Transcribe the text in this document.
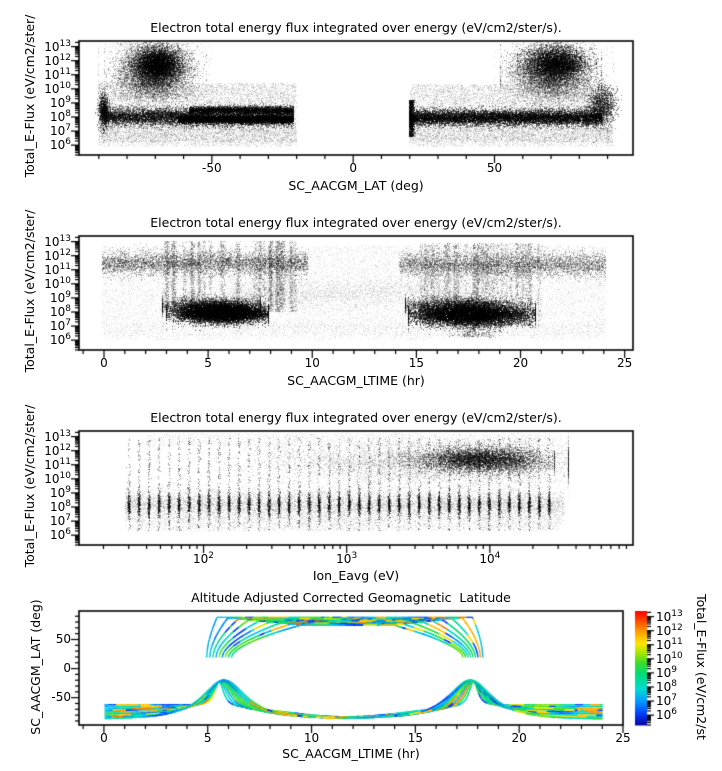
Electron total energy flux integrated over energy (eV/cm2/ster/s).
Total_E-Flux (eV/cm2/ster/
SC_AACGM_LAT (deg)
Electron total energy flux integrated over energy (eV/cm2/ster/s).
Total_E-Flux (eV/cm2/ster/
SC_AACGM_LTIME (hr)
Electron total energy flux integrated over energy (eV/cm2/ster/s).
Total_E-Flux (eV/cm2/ster/
Ion_Eavg (eV)
Altitude Adjusted Corrected Geomagnetic  Latitude
SC_AACGM_LAT (deg)
SC_AACGM_LTIME (hr)
Total_E-Flux (eV/cm2/st
-50	0	50
$10^6$
$10^7$
$10^8$
$10^9$
$10^{10}$
$10^{11}$
$10^{12}$
$10^{13}$
0	5	10	15	20	25
$10^6$
$10^7$
$10^8$
$10^9$
$10^{10}$
$10^{11}$
$10^{12}$
$10^{13}$
$10^2$	$10^3$	$10^4$
$10^6$
$10^7$
$10^8$
$10^9$
$10^{10}$
$10^{11}$
$10^{12}$
$10^{13}$
$10^6$
$10^7$
$10^8$
$10^9$
$10^{10}$
$10^{11}$
$10^{12}$
$10^{13}$
0	5	10	15	20	25
-50
0
50
